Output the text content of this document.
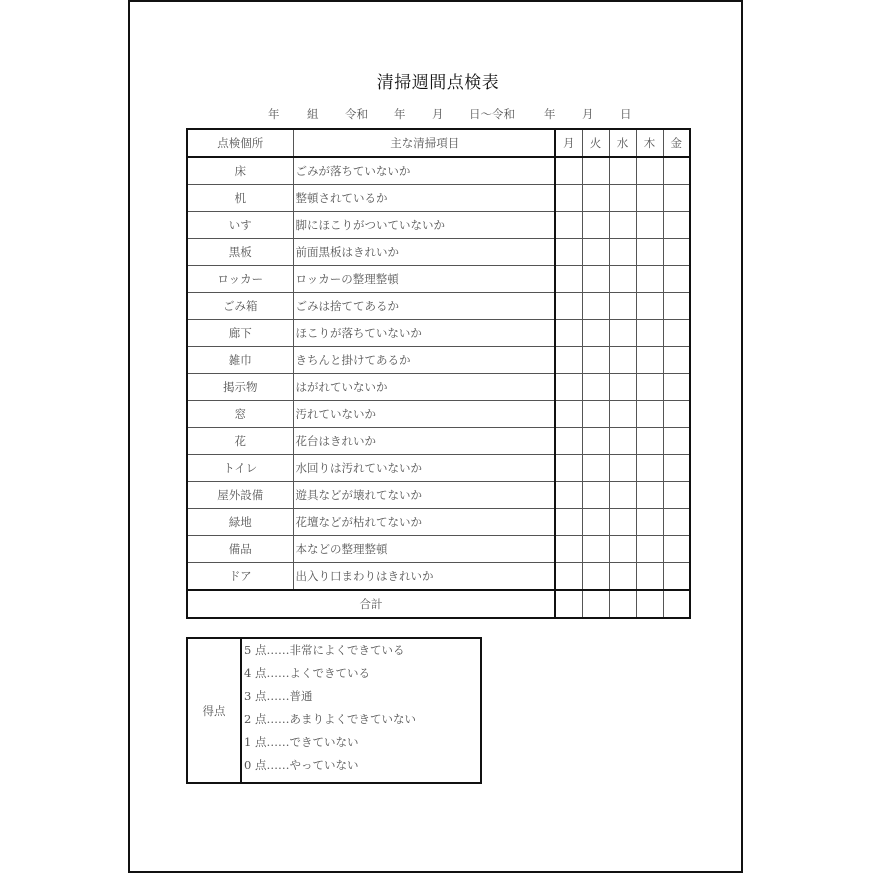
清掃週間点検表
年 組 令和 年 月 日～令和	年 月 日
点検個所	主な清掃項目	月	火	水	木	金
床	ごみが落ちていないか					
机	整頓されているか					
いす	脚にほこりがついていないか					
黒板	前面黒板はきれいか					
ロッカー	ロッカーの整理整頓					
ごみ箱	ごみは捨ててあるか					
廊下	ほこりが落ちていないか					
雑巾	きちんと掛けてあるか					
掲示物	はがれていないか					
窓	汚れていないか					
花	花台はきれいか					
トイレ	水回りは汚れていないか					
屋外設備	遊具などが壊れてないか					
緑地	花壇などが枯れてないか					
備品	本などの整理整頓					
ドア	出入り口まわりはきれいか					
合計						
得点	
5 点……非常によくできている
4 点……よくできている
3 点……普通
2 点……あまりよくできていない
1 点……できていない
0 点……やっていない
